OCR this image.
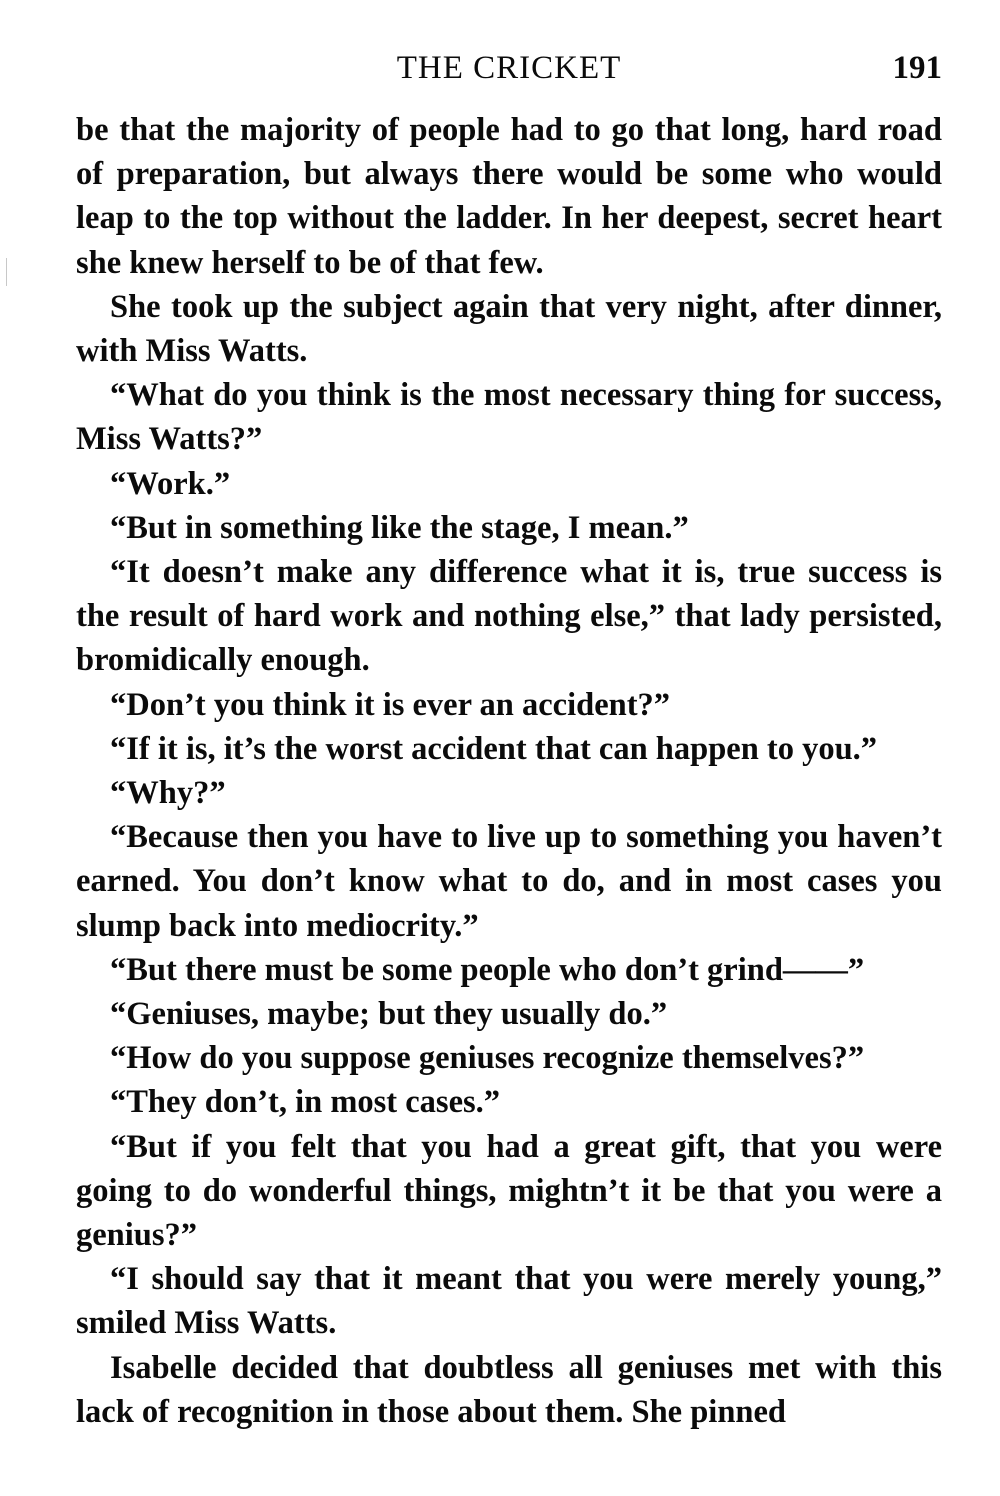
THE CRICKET	191

be that the majority of people had to go that long, hard road of preparation, but always there would be some who would leap to the top without the ladder. In her deepest, secret heart she knew herself to be of that few.

She took up the subject again that very night, after dinner, with Miss Watts.

“What do you think is the most necessary thing for success, Miss Watts?”

“Work.”

“But in something like the stage, I mean.”

“It doesn’t make any difference what it is, true success is the result of hard work and nothing else,” that lady persisted, bromidically enough.

“Don’t you think it is ever an accident?”

“If it is, it’s the worst accident that can happen to you.”

“Why?”

“Because then you have to live up to something you haven’t earned. You don’t know what to do, and in most cases you slump back into mediocrity.”

“But there must be some people who don’t grind——”

“Geniuses, maybe; but they usually do.”

“How do you suppose geniuses recognize themselves?”

“They don’t, in most cases.”

“But if you felt that you had a great gift, that you were going to do wonderful things, mightn’t it be that you were a genius?”

“I should say that it meant that you were merely young,” smiled Miss Watts.

Isabelle decided that doubtless all geniuses met with this lack of recognition in those about them. She pinned
